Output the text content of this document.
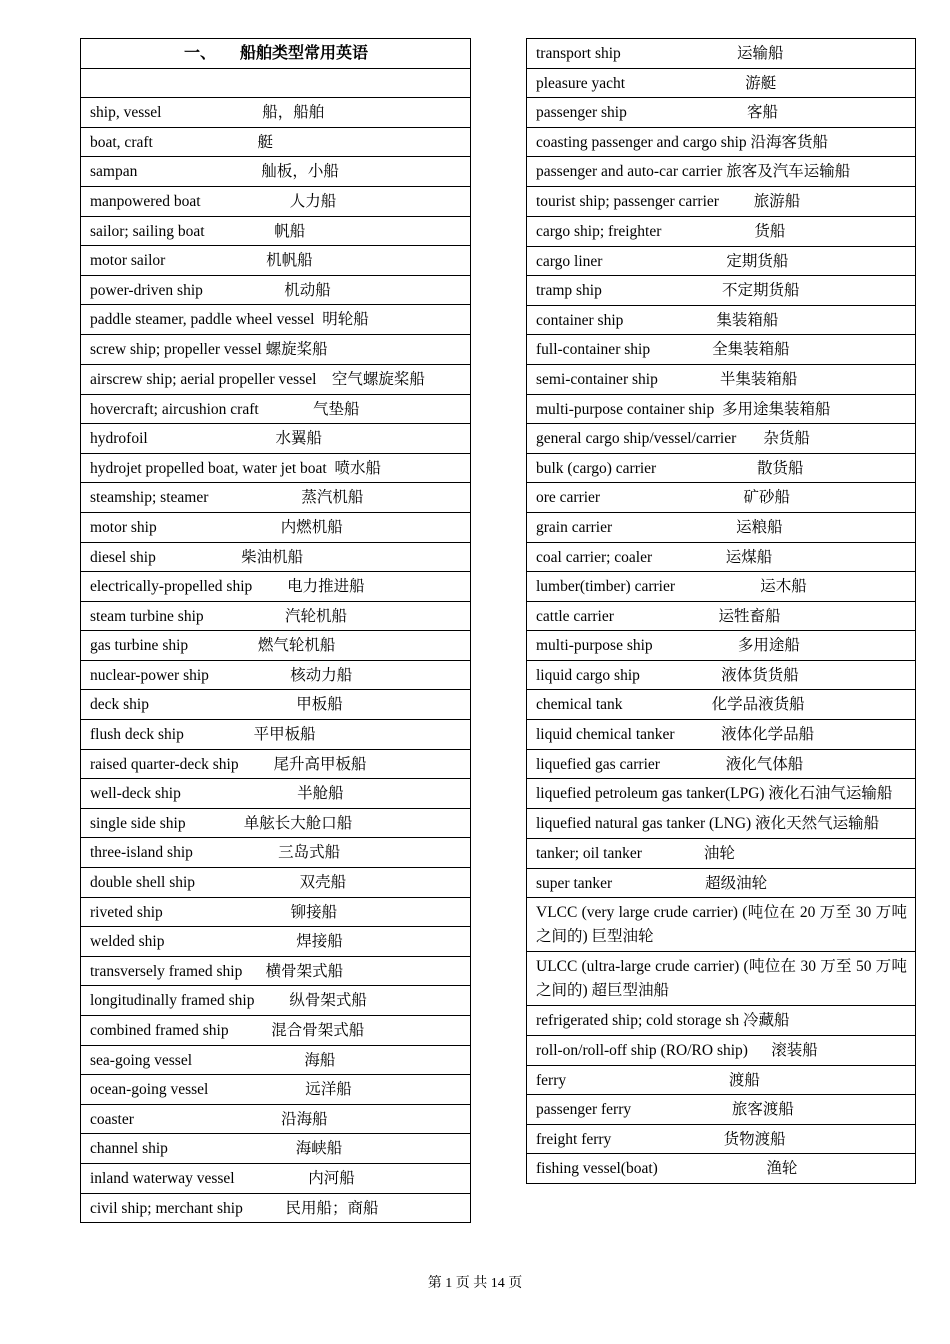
一、      船舶类型常用英语
ship, vessel                          船，船舶
boat, craft                           艇
sampan                                舢板，小船
manpowered boat                       人力船
sailor; sailing boat                  帆船
motor sailor                          机帆船
power-driven ship                     机动船
paddle steamer, paddle wheel vessel  明轮船
screw ship; propeller vessel 螺旋桨船
airscrew ship; aerial propeller vessel    空气螺旋桨船
hovercraft; aircushion craft              气垫船
hydrofoil                                 水翼船
hydrojet propelled boat, water jet boat  喷水船
steamship; steamer                        蒸汽机船
motor ship                                内燃机船
diesel ship                      柴油机船
electrically-propelled ship         电力推进船
steam turbine ship                     汽轮机船
gas turbine ship                  燃气轮机船
nuclear-power ship                     核动力船
deck ship                                      甲板船
flush deck ship                  平甲板船
raised quarter-deck ship         尾升高甲板船
well-deck ship                              半舱船
single side ship               单舷长大舱口船
three-island ship                      三岛式船
double shell ship                           双壳船
riveted ship                                 铆接船
welded ship                                  焊接船
transversely framed ship      横骨架式船
longitudinally framed ship         纵骨架式船
combined framed ship           混合骨架式船
sea-going vessel                             海船
ocean-going vessel                         远洋船
coaster                                      沿海船
channel ship                                 海峡船
inland waterway vessel                   内河船
civil ship; merchant ship           民用船；商船
transport ship                              运输船
pleasure yacht                               游艇
passenger ship                               客船
coasting passenger and cargo ship 沿海客货船
passenger and auto-car carrier 旅客及汽车运输船
tourist ship; passenger carrier         旅游船
cargo ship; freighter                        货船
cargo liner                                定期货船
tramp ship                               不定期货船
container ship                        集装箱船
full-container ship                全集装箱船
semi-container ship                半集装箱船
multi-purpose container ship  多用途集装箱船
general cargo ship/vessel/carrier       杂货船
bulk (cargo) carrier                          散货船
ore carrier                                     矿砂船
grain carrier                                运粮船
coal carrier; coaler                   运煤船
lumber(timber) carrier                      运木船
cattle carrier                           运牲畜船
multi-purpose ship                      多用途船
liquid cargo ship                     液体货货船
chemical tank                       化学品液货船
liquid chemical tanker            液体化学品船
liquefied gas carrier                 液化气体船
liquefied petroleum gas tanker(LPG) 液化石油气运输船
liquefied natural gas tanker (LNG) 液化天然气运输船
tanker; oil tanker                油轮
super tanker                        超级油轮
VLCC (very large crude carrier) (吨位在 20 万至 30 万吨之间的) 巨型油轮
ULCC (ultra-large crude carrier) (吨位在 30 万至 50 万吨之间的) 超巨型油船
refrigerated ship; cold storage sh 冷藏船
roll-on/roll-off ship (RO/RO ship)      滚装船
ferry                                          渡船
passenger ferry                          旅客渡船
freight ferry                             货物渡船
fishing vessel(boat)                            渔轮
第 1 页 共 14 页
